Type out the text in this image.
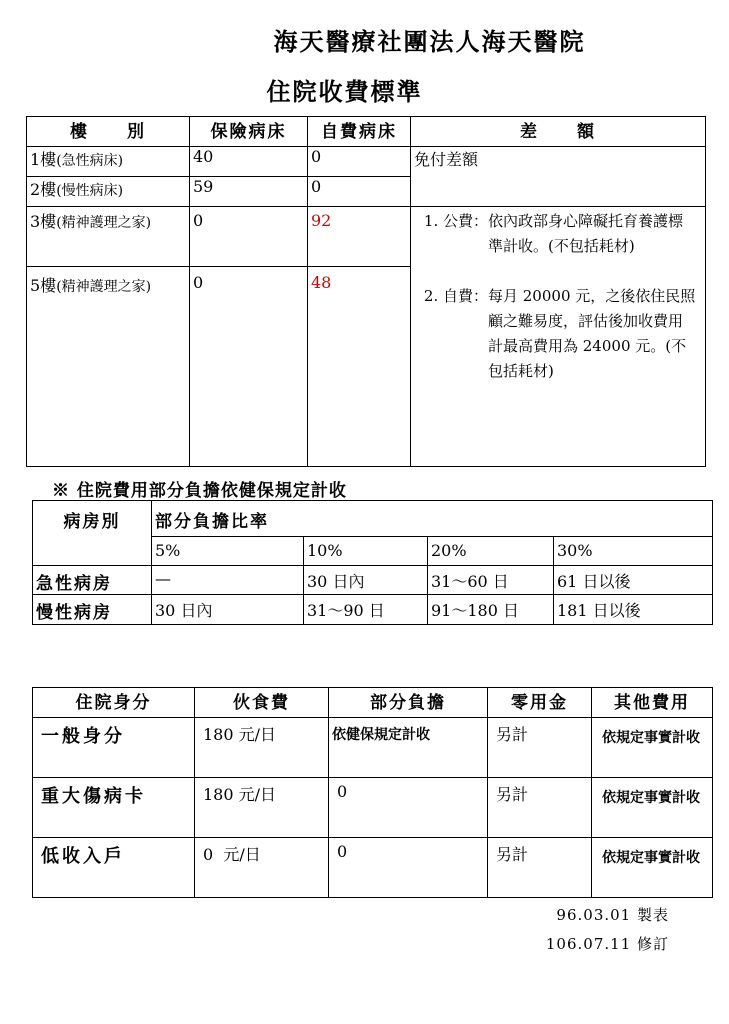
海天醫療社團法人海天醫院
住院收費標準
樓　　別	保險病床	自費病床	差　　額
1樓(急性病床)	40	0	免付差額
2樓(慢性病床)	59	0	
3樓(精神護理之家)	0	92	1. 公費： 依內政部身心障礙托育養護標準計收。(不包括耗材)
2. 自費： 每月 20000 元，之後依住民照顧之難易度，評估後加收費用計最高費用為 24000 元。(不包括耗材)

5樓(精神護理之家)	0	48	
※ 住院費用部分負擔依健保規定計收
病房別	部分負擔比率			
	5%	10%	20%	30%
急性病房	—	30 日內	31～60 日	61 日以後
慢性病房	30 日內	31～90 日	91～180 日	181 日以後
住院身分	伙食費	部分負擔	零用金	其他費用
一般身分	180 元/日	依健保規定計收	另計	依規定事實計收
重大傷病卡	180 元/日	0	另計	依規定事實計收
低收入戶	0  元/日	0	另計	依規定事實計收
96.03.01 製表
106.07.11 修訂
